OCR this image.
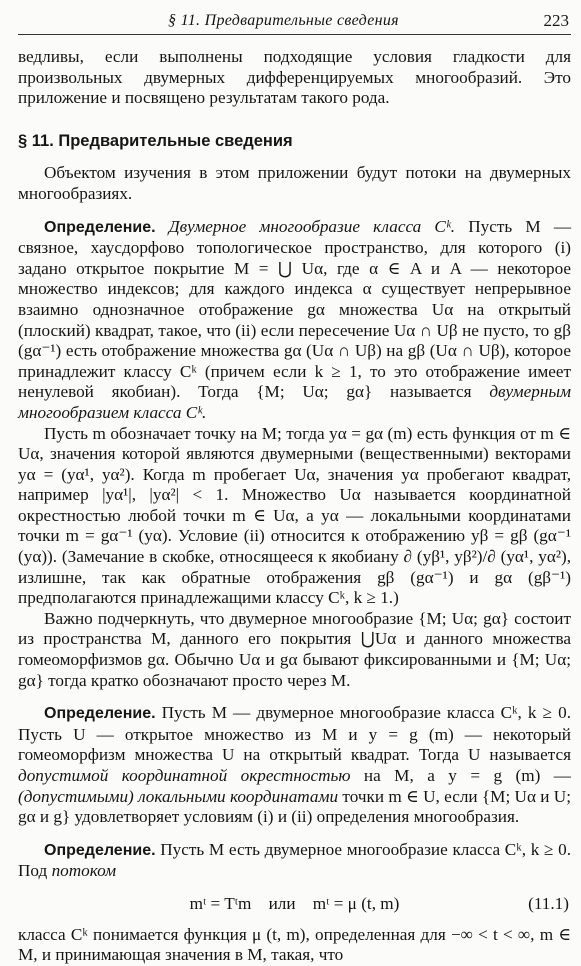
§ 11. Предварительные сведения	223

ведливы, если выполнены подходящие условия гладкости для произвольных двумерных дифференцируемых многообразий. Это приложение и посвящено результатам такого рода.

§ 11. Предварительные сведения

Объектом изучения в этом приложении будут потоки на двумерных многообразиях.

Определение. Двумерное многообразие класса Cᵏ. Пусть M — связное, хаусдорфово топологическое пространство, для которого (i) задано открытое покрытие M = ⋃ Uα, где α ∈ A и A — некоторое множество индексов; для каждого индекса α существует непрерывное взаимно однозначное отображение gα множества Uα на открытый (плоский) квадрат, такое, что (ii) если пересечение Uα ∩ Uβ не пусто, то gβ (gα⁻¹) есть отображение множества gα (Uα ∩ Uβ) на gβ (Uα ∩ Uβ), которое принадлежит классу Cᵏ (причем если k ≥ 1, то это отображение имеет ненулевой якобиан). Тогда {M; Uα; gα} называется двумерным многообразием класса Cᵏ.

Пусть m обозначает точку на M; тогда yα = gα (m) есть функция от m ∈ Uα, значения которой являются двумерными (вещественными) векторами yα = (yα¹, yα²). Когда m пробегает Uα, значения yα пробегают квадрат, например |yα¹|, |yα²| < 1. Множество Uα называется координатной окрестностью любой точки m ∈ Uα, а yα — локальными координатами точки m = gα⁻¹ (yα). Условие (ii) относится к отображению yβ = gβ (gα⁻¹ (yα)). (Замечание в скобке, относящееся к якобиану ∂ (yβ¹, yβ²)/∂ (yα¹, yα²), излишне, так как обратные отображения gβ (gα⁻¹) и gα (gβ⁻¹) предполагаются принадлежащими классу Cᵏ, k ≥ 1.)

Важно подчеркнуть, что двумерное многообразие {M; Uα; gα} состоит из пространства M, данного его покрытия ⋃Uα и данного множества гомеоморфизмов gα. Обычно Uα и gα бывают фиксированными и {M; Uα; gα} тогда кратко обозначают просто через M.

Определение. Пусть M — двумерное многообразие класса Cᵏ, k ≥ 0. Пусть U — открытое множество из M и y = g (m) — некоторый гомеоморфизм множества U на открытый квадрат. Тогда U называется допустимой координатной окрестностью на M, а y = g (m) — (допустимыми) локальными координатами точки m ∈ U, если {M; Uα и U; gα и g} удовлетворяет условиям (i) и (ii) определения многообразия.

Определение. Пусть M есть двумерное многообразие класса Cᵏ, k ≥ 0. Под потоком

mᵗ = Tᵗm    или    mᵗ = μ (t, m)	(11.1)

класса Cᵏ понимается функция μ (t, m), определенная для −∞ < t < ∞, m ∈ M, и принимающая значения в M, такая, что
